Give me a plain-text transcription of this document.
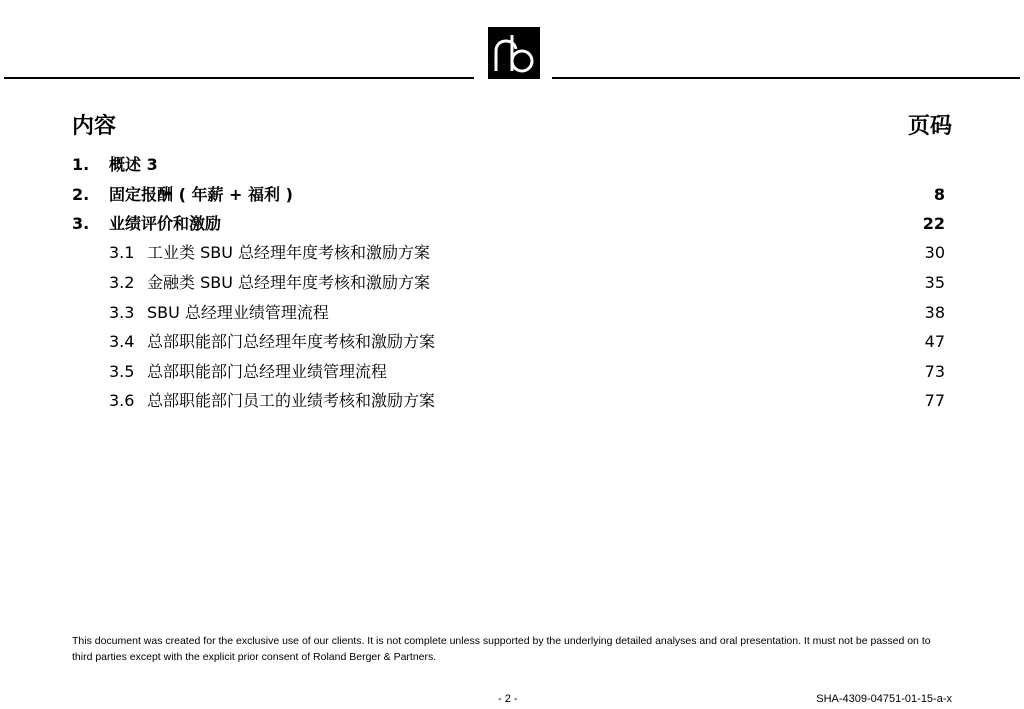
内容	页码
1. 概述 3
2. 固定报酬 ( 年薪 + 福利 )	8
3. 业绩评价和激励	22
3.1 工业类 SBU 总经理年度考核和激励方案	30
3.2 金融类 SBU 总经理年度考核和激励方案	35
3.3 SBU 总经理业绩管理流程	38
3.4 总部职能部门总经理年度考核和激励方案	47
3.5 总部职能部门总经理业绩管理流程	73
3.6 总部职能部门员工的业绩考核和激励方案	77
This document was created for the exclusive use of our clients. It is not complete unless supported by the underlying detailed analyses and oral presentation. It must not be passed on to third parties except with the explicit prior consent of Roland Berger & Partners.
- 2 -	SHA-4309-04751-01-15-a-x
